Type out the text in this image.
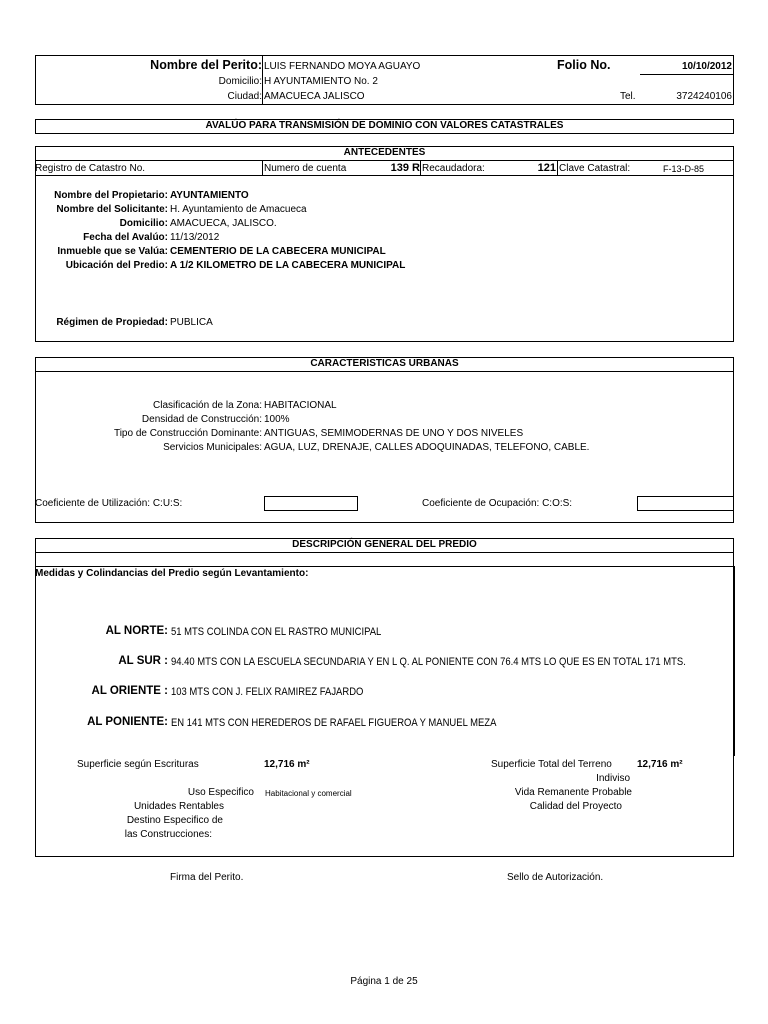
Nombre del Perito: LUIS FERNANDO MOYA AGUAYO	Folio No.	10/10/2012
Domicilio: H AYUNTAMIENTO No. 2
Ciudad: AMACUECA JALISCO	Tel.	3724240106
AVALÚO PARA TRANSMISIÓN DE DOMINIO CON VALORES CATASTRALES
ANTECEDENTES
Registro de Catastro No.	Numero de cuenta	139 R Recaudadora:	121 Clave Catastral:	F-13-D-85
Nombre del Propietario: AYUNTAMIENTO
Nombre del Solicitante: H. Ayuntamiento de Amacueca
Domicilio: AMACUECA, JALISCO.
Fecha del Avalúo: 11/13/2012
Inmueble que se Valúa: CEMENTERIO DE LA CABECERA MUNICIPAL
Ubicación del Predio: A 1/2 KILOMETRO DE LA CABECERA MUNICIPAL
Régimen de Propiedad: PUBLICA
CARACTERÍSTICAS URBANAS
Clasificación de la Zona: HABITACIONAL
Densidad de Construcción: 100%
Tipo de Construcción Dominante: ANTIGUAS, SEMIMODERNAS DE UNO Y DOS NIVELES
Servicios Municipales: AGUA, LUZ, DRENAJE, CALLES ADOQUINADAS, TELEFONO, CABLE.
Coeficiente de Utilización: C:U:S:	Coeficiente de Ocupación: C:O:S:
DESCRIPCIÓN GENERAL DEL PREDIO
Medidas y Colindancias del Predio según Levantamiento:
AL NORTE: 51 MTS COLINDA CON EL RASTRO MUNICIPAL
AL SUR : 94.40 MTS CON LA ESCUELA SECUNDARIA Y EN L Q. AL PONIENTE CON 76.4 MTS LO QUE ES EN TOTAL 171 MTS.
AL ORIENTE : 103 MTS CON J. FELIX RAMIREZ FAJARDO
AL PONIENTE: EN 141 MTS CON HEREDEROS DE RAFAEL FIGUEROA Y MANUEL MEZA
Superficie según Escrituras	12,716 m²	Superficie Total del Terreno	12,716 m²
Indiviso
Uso Especifico Habitacional y comercial	Vida Remanente Probable
Unidades Rentables	Calidad del Proyecto
Destino Especifico de
las Construcciones:
Firma del Perito.	Sello de Autorización.
Página 1 de 25
